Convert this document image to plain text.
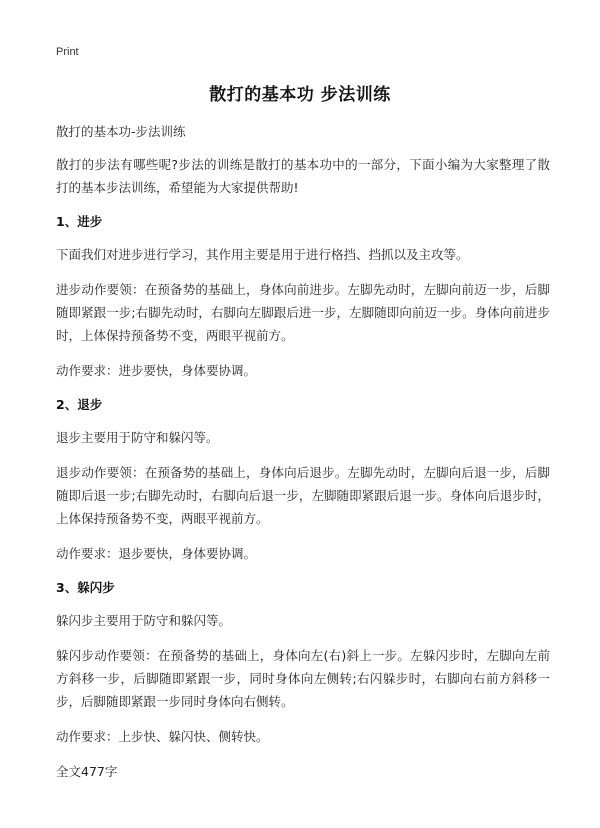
Print
散打的基本功 步法训练

散打的基本功-步法训练

散打的步法有哪些呢?步法的训练是散打的基本功中的一部分，下面小编为大家整理了散打的基本步法训练，希望能为大家提供帮助!

1、进步

下面我们对进步进行学习，其作用主要是用于进行格挡、挡抓以及主攻等。

进步动作要领：在预备势的基础上，身体向前进步。左脚先动时，左脚向前迈一步，后脚随即紧跟一步;右脚先动时，右脚向左脚跟后进一步，左脚随即向前迈一步。身体向前进步时，上体保持预备势不变，两眼平视前方。

动作要求：进步要快，身体要协调。

2、退步

退步主要用于防守和躲闪等。

退步动作要领：在预备势的基础上，身体向后退步。左脚先动时，左脚向后退一步，后脚随即后退一步;右脚先动时，右脚向后退一步，左脚随即紧跟后退一步。身体向后退步时，上体保持预备势不变，两眼平视前方。

动作要求：退步要快，身体要协调。

3、躲闪步

躲闪步主要用于防守和躲闪等。

躲闪步动作要领：在预备势的基础上，身体向左(右)斜上一步。左躲闪步时，左脚向左前方斜移一步，后脚随即紧跟一步，同时身体向左侧转;右闪躲步时，右脚向右前方斜移一步，后脚随即紧跟一步同时身体向右侧转。

动作要求：上步快、躲闪快、侧转快。

全文477字
